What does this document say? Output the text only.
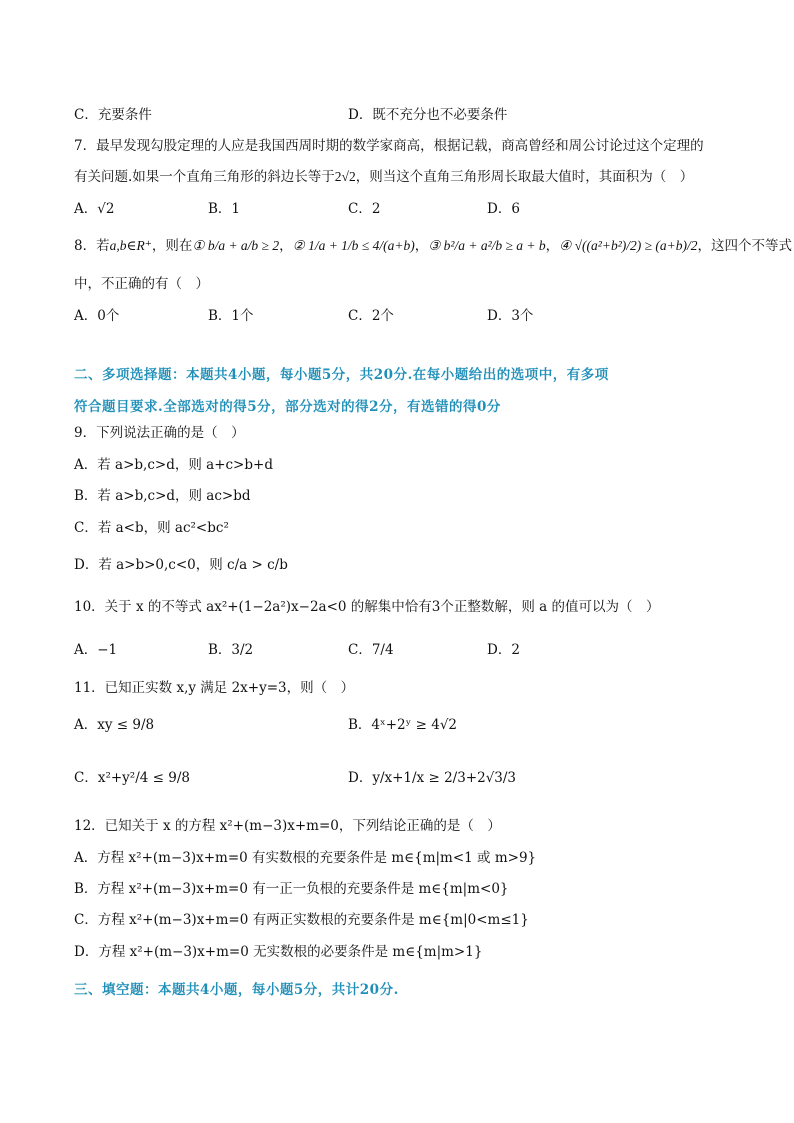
C．充要条件	D．既不充分也不必要条件
7．最早发现勾股定理的人应是我国西周时期的数学家商高，根据记载，商高曾经和周公讨论过这个定理的
有关问题.如果一个直角三角形的斜边长等于2√2，则当这个直角三角形周长取最大值时，其面积为（　）
A．√2	B．1	C．2	D．6
8．若a,b∈R⁺，则在① b/a + a/b ≥ 2，② 1/a + 1/b ≤ 4/(a+b)，③ b²/a + a²/b ≥ a + b，④ √((a²+b²)/2) ≥ (a+b)/2，这四个不等式
中，不正确的有（　）
A．0个	B．1个	C．2个	D．3个
二、多项选择题：本题共4小题，每小题5分，共20分.在每小题给出的选项中，有多项
符合题目要求.全部选对的得5分，部分选对的得2分，有选错的得0分
9．下列说法正确的是（　）
A．若 a>b,c>d，则 a+c>b+d
B．若 a>b,c>d，则 ac>bd
C．若 a<b，则 ac²<bc²
D．若 a>b>0,c<0，则 c/a > c/b
10．关于 x 的不等式 ax²+(1−2a²)x−2a<0 的解集中恰有3个正整数解，则 a 的值可以为（　）
A．−1	B．3/2	C．7/4	D．2
11．已知正实数 x,y 满足 2x+y=3，则（　）
A．xy ≤ 9/8	B．4ˣ+2ʸ ≥ 4√2
C．x²+y²/4 ≤ 9/8	D．y/x+1/x ≥ 2/3+2√3/3
12．已知关于 x 的方程 x²+(m−3)x+m=0，下列结论正确的是（　）
A．方程 x²+(m−3)x+m=0 有实数根的充要条件是 m∈{m|m<1 或 m>9}
B．方程 x²+(m−3)x+m=0 有一正一负根的充要条件是 m∈{m|m<0}
C．方程 x²+(m−3)x+m=0 有两正实数根的充要条件是 m∈{m|0<m≤1}
D．方程 x²+(m−3)x+m=0 无实数根的必要条件是 m∈{m|m>1}
三、填空题：本题共4小题，每小题5分，共计20分.
